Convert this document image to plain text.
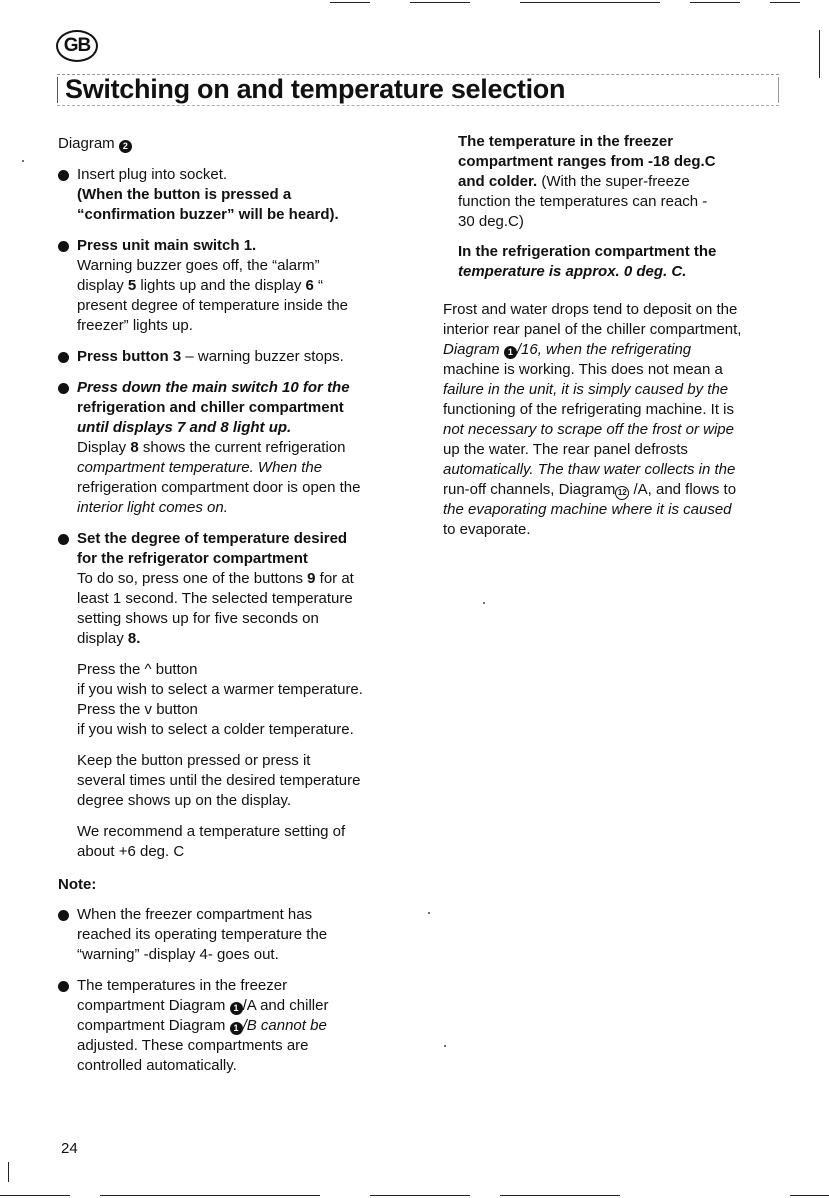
GB
Switching on and temperature selection
Diagram 2
Insert plug into socket.
(When the button is pressed a
“confirmation buzzer” will be heard).
Press unit main switch 1.
Warning buzzer goes off, the “alarm”
display 5 lights up and the display 6 “
present degree of temperature inside the
freezer” lights up.
Press button 3 – warning buzzer stops.
Press down the main switch 10 for the
refrigeration and chiller compartment
until displays 7 and 8 light up.
Display 8 shows the current refrigeration
compartment temperature. When the
refrigeration compartment door is open the
interior light comes on.
Set the degree of temperature desired
for the refrigerator compartment
To do so, press one of the buttons 9 for at
least 1 second. The selected temperature
setting shows up for five seconds on
display 8.
Press the ^ button
if you wish to select a warmer temperature.
Press the v button
if you wish to select a colder temperature.
Keep the button pressed or press it
several times until the desired temperature
degree shows up on the display.
We recommend a temperature setting of
about +6 deg. C
Note:
When the freezer compartment has
reached its operating temperature the
“warning” -display 4- goes out.
The temperatures in the freezer
compartment Diagram 1 /A and chiller
compartment Diagram 1 /B cannot be
adjusted. These compartments are
controlled automatically.
24
The temperature in the freezer
compartment ranges from -18 deg.C
and colder. (With the super-freeze
function the temperatures can reach -
30 deg.C)
In the refrigeration compartment the
temperature is approx. 0 deg. C.
Frost and water drops tend to deposit on the
interior rear panel of the chiller compartment,
Diagram 1 /16, when the refrigerating
machine is working. This does not mean a
failure in the unit, it is simply caused by the
functioning of the refrigerating machine. It is
not necessary to scrape off the frost or wipe
up the water. The rear panel defrosts
automatically. The thaw water collects in the
run-off channels, Diagram 12 /A, and flows to
the evaporating machine where it is caused
to evaporate.
